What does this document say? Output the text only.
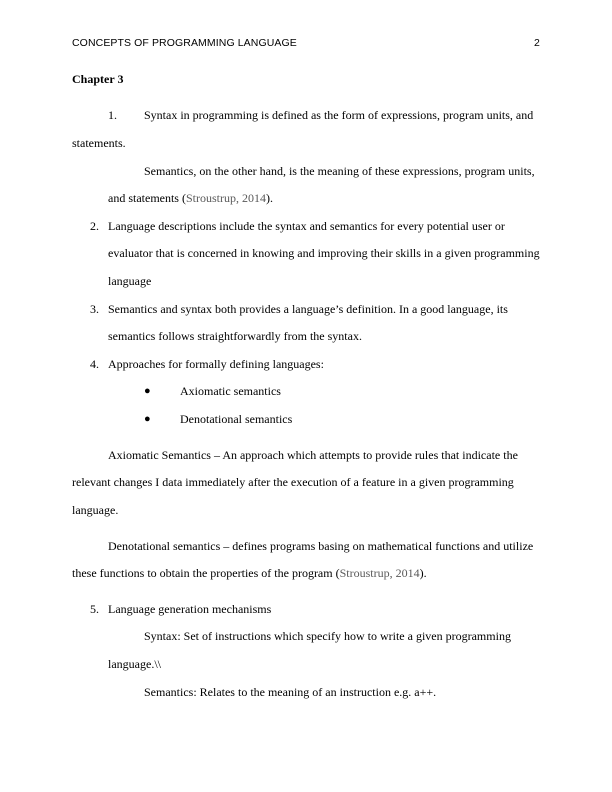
CONCEPTS OF PROGRAMMING LANGUAGE	2
Chapter 3
1. Syntax in programming is defined as the form of expressions, program units, and
statements.
Semantics, on the other hand, is the meaning of these expressions, program units,
and statements (Stroustrup, 2014).
2. Language descriptions include the syntax and semantics for every potential user or
evaluator that is concerned in knowing and improving their skills in a given programming
language
3. Semantics and syntax both provides a language’s definition. In a good language, its
semantics follows straightforwardly from the syntax.
4. Approaches for formally defining languages:
● Axiomatic semantics
● Denotational semantics
Axiomatic Semantics – An approach which attempts to provide rules that indicate the
relevant changes I data immediately after the execution of a feature in a given programming
language.
Denotational semantics – defines programs basing on mathematical functions and utilize
these functions to obtain the properties of the program (Stroustrup, 2014).
5. Language generation mechanisms
Syntax: Set of instructions which specify how to write a given programming
language.\\
Semantics: Relates to the meaning of an instruction e.g. a++.
